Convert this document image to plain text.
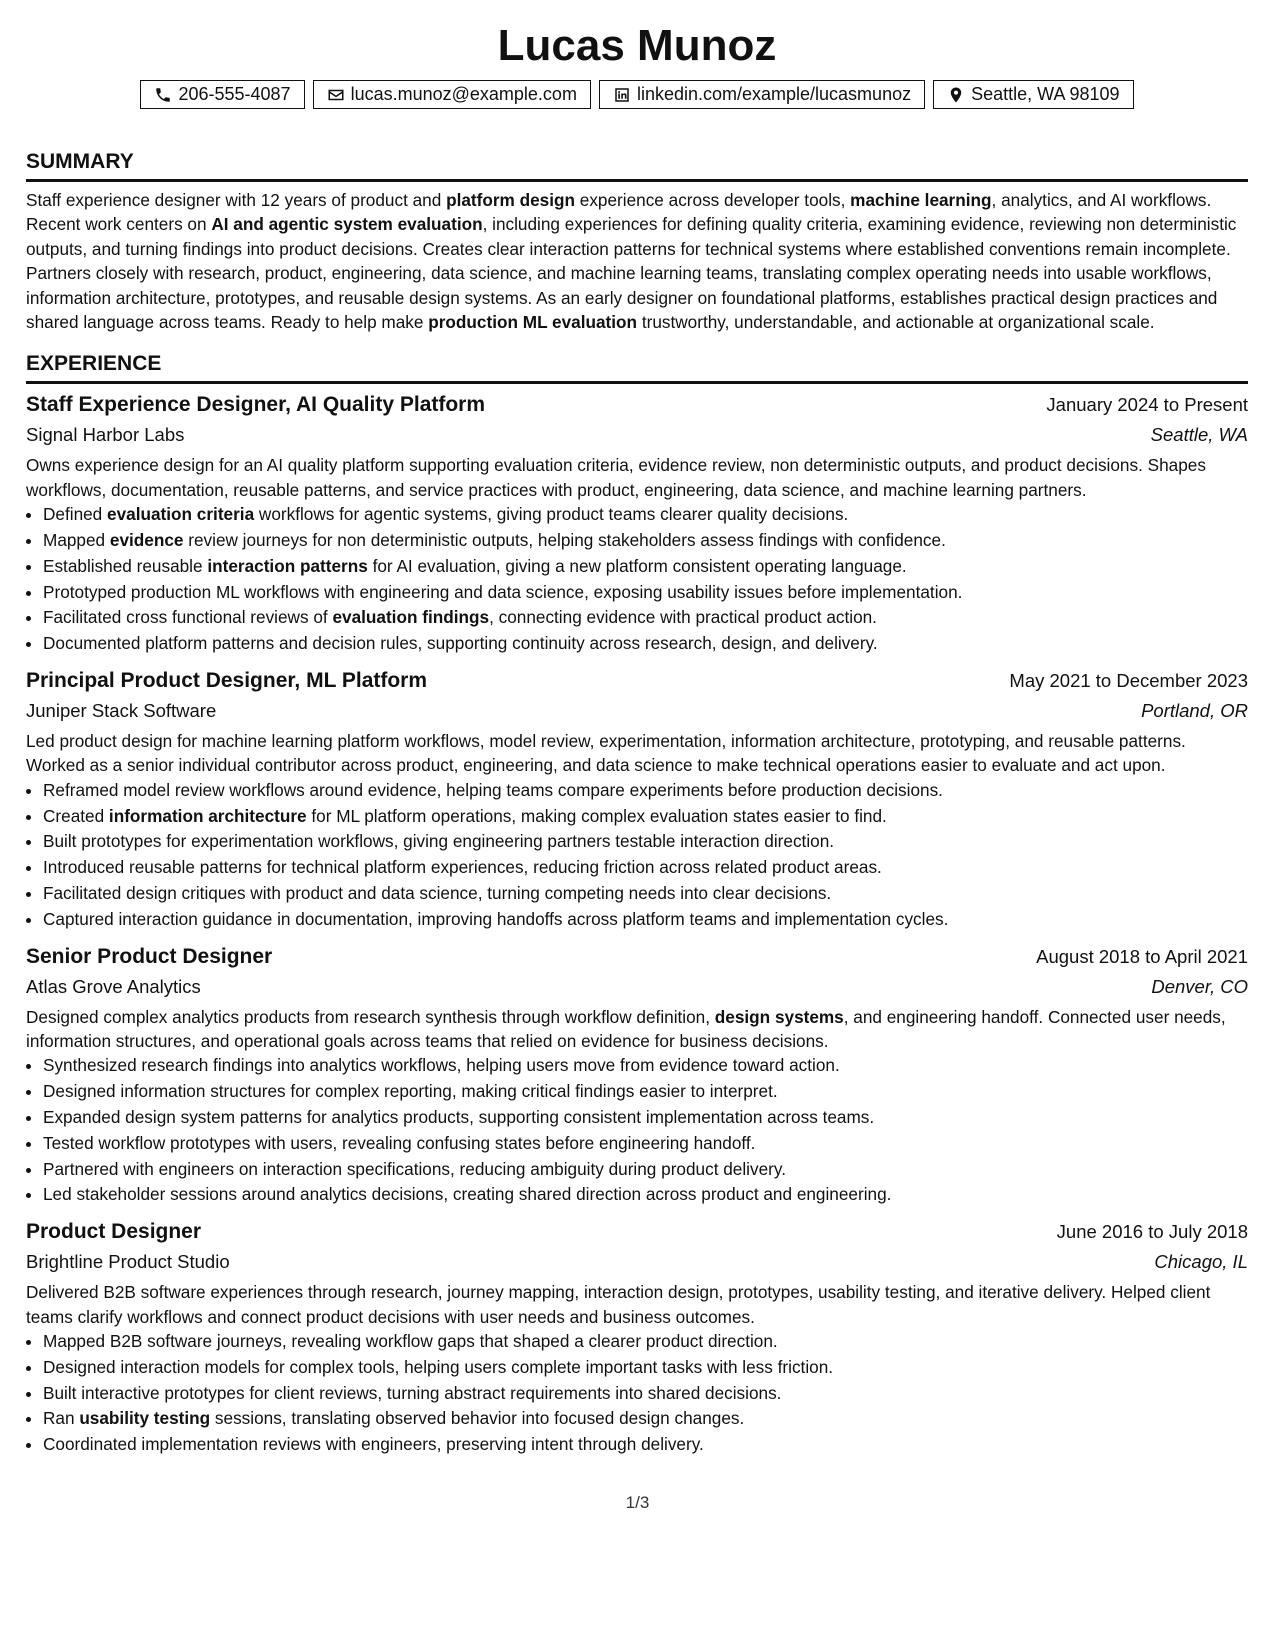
Lucas Munoz
206-555-4087	lucas.munoz@example.com	linkedin.com/example/lucasmunoz	Seattle, WA 98109
SUMMARY

Staff experience designer with 12 years of product and platform design experience across developer tools, machine learning, analytics, and AI workflows. Recent work centers on AI and agentic system evaluation, including experiences for defining quality criteria, examining evidence, reviewing non deterministic outputs, and turning findings into product decisions. Creates clear interaction patterns for technical systems where established conventions remain incomplete. Partners closely with research, product, engineering, data science, and machine learning teams, translating complex operating needs into usable workflows, information architecture, prototypes, and reusable design systems. As an early designer on foundational platforms, establishes practical design practices and shared language across teams. Ready to help make production ML evaluation trustworthy, understandable, and actionable at organizational scale.

EXPERIENCE
Staff Experience Designer, AI Quality Platform	January 2024 to Present
Signal Harbor Labs	Seattle, WA

Owns experience design for an AI quality platform supporting evaluation criteria, evidence review, non deterministic outputs, and product decisions. Shapes workflows, documentation, reusable patterns, and service practices with product, engineering, data science, and machine learning partners.

• Defined evaluation criteria workflows for agentic systems, giving product teams clearer quality decisions.
• Mapped evidence review journeys for non deterministic outputs, helping stakeholders assess findings with confidence.
• Established reusable interaction patterns for AI evaluation, giving a new platform consistent operating language.
• Prototyped production ML workflows with engineering and data science, exposing usability issues before implementation.
• Facilitated cross functional reviews of evaluation findings, connecting evidence with practical product action.
• Documented platform patterns and decision rules, supporting continuity across research, design, and delivery.
Principal Product Designer, ML Platform	May 2021 to December 2023
Juniper Stack Software	Portland, OR

Led product design for machine learning platform workflows, model review, experimentation, information architecture, prototyping, and reusable patterns. Worked as a senior individual contributor across product, engineering, and data science to make technical operations easier to evaluate and act upon.

• Reframed model review workflows around evidence, helping teams compare experiments before production decisions.
• Created information architecture for ML platform operations, making complex evaluation states easier to find.
• Built prototypes for experimentation workflows, giving engineering partners testable interaction direction.
• Introduced reusable patterns for technical platform experiences, reducing friction across related product areas.
• Facilitated design critiques with product and data science, turning competing needs into clear decisions.
• Captured interaction guidance in documentation, improving handoffs across platform teams and implementation cycles.
Senior Product Designer	August 2018 to April 2021
Atlas Grove Analytics	Denver, CO

Designed complex analytics products from research synthesis through workflow definition, design systems, and engineering handoff. Connected user needs, information structures, and operational goals across teams that relied on evidence for business decisions.

• Synthesized research findings into analytics workflows, helping users move from evidence toward action.
• Designed information structures for complex reporting, making critical findings easier to interpret.
• Expanded design system patterns for analytics products, supporting consistent implementation across teams.
• Tested workflow prototypes with users, revealing confusing states before engineering handoff.
• Partnered with engineers on interaction specifications, reducing ambiguity during product delivery.
• Led stakeholder sessions around analytics decisions, creating shared direction across product and engineering.
Product Designer	June 2016 to July 2018
Brightline Product Studio	Chicago, IL

Delivered B2B software experiences through research, journey mapping, interaction design, prototypes, usability testing, and iterative delivery. Helped client teams clarify workflows and connect product decisions with user needs and business outcomes.

• Mapped B2B software journeys, revealing workflow gaps that shaped a clearer product direction.
• Designed interaction models for complex tools, helping users complete important tasks with less friction.
• Built interactive prototypes for client reviews, turning abstract requirements into shared decisions.
• Ran usability testing sessions, translating observed behavior into focused design changes.
• Coordinated implementation reviews with engineers, preserving intent through delivery.
1/3
